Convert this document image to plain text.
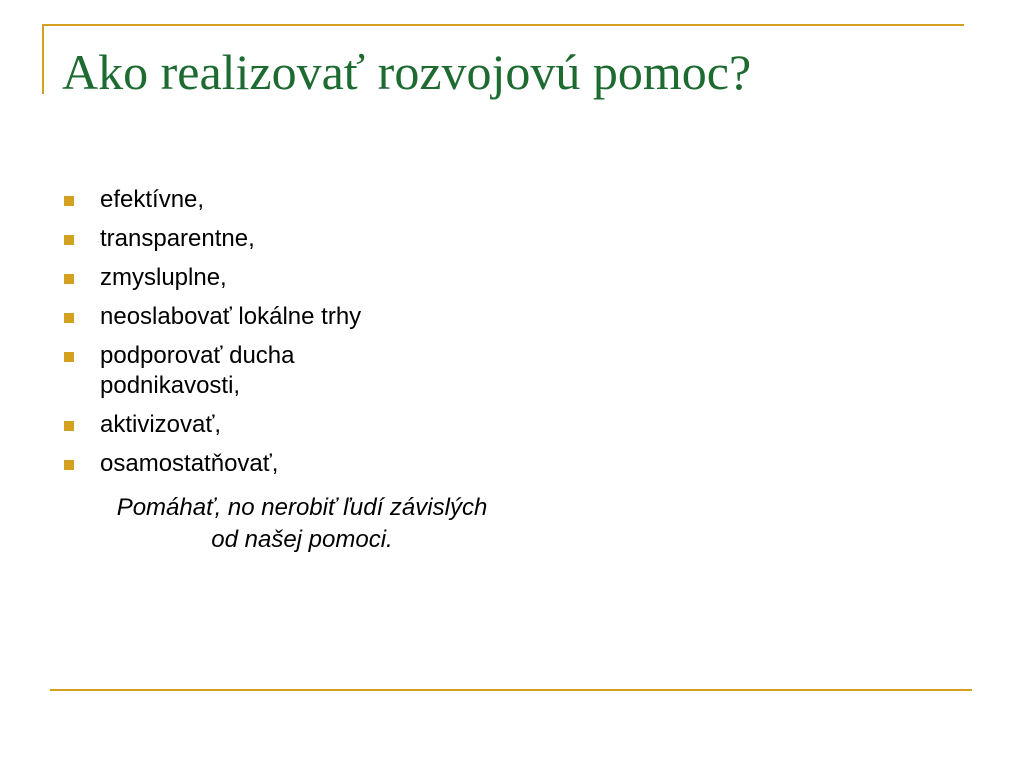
Ako realizovať rozvojovú pomoc?
efektívne,
transparentne,
zmysluplne,
neoslabovať lokálne trhy
podporovať ducha podnikavosti,
aktivizovať,
osamostatňovať,

Pomáhať, no nerobiť ľudí závislých od našej pomoci.
